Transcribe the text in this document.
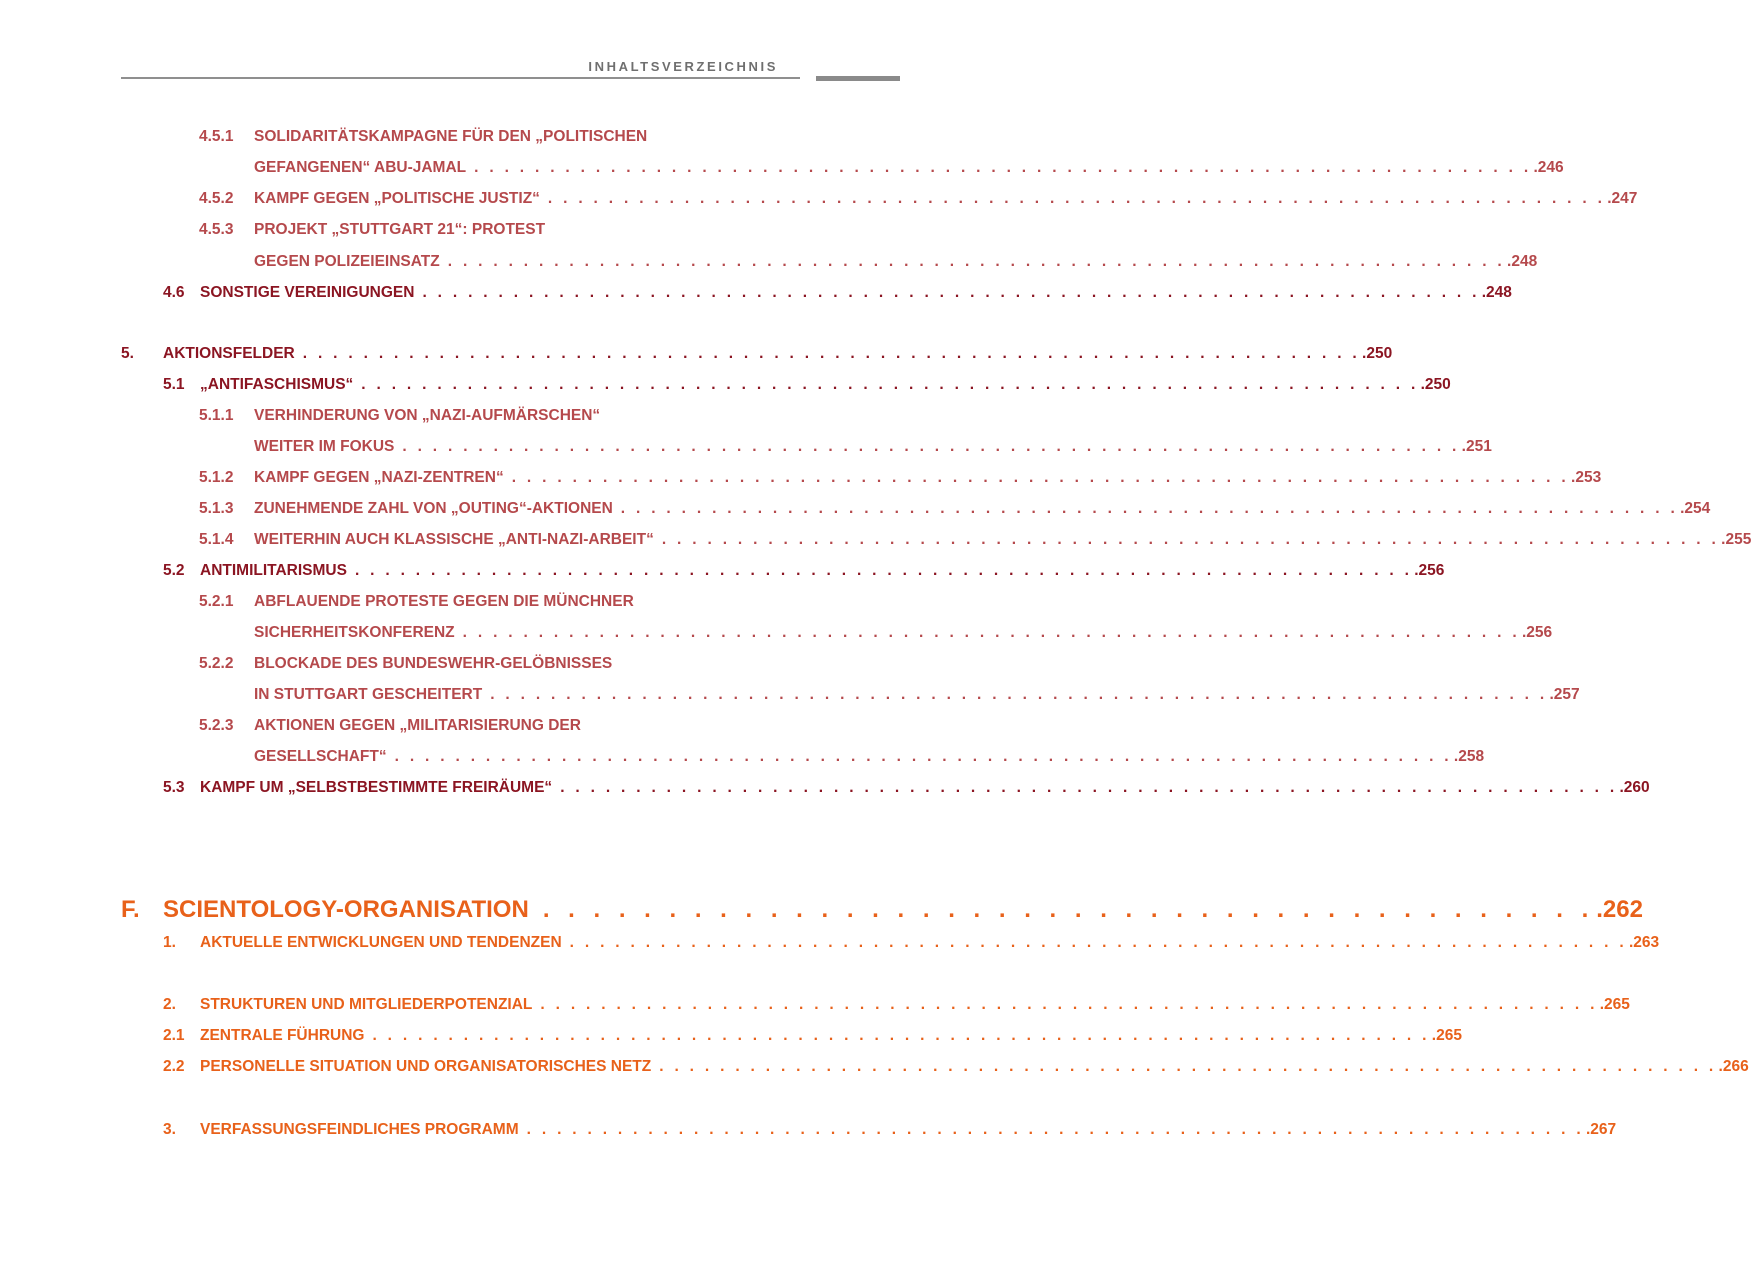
INHALTSVERZEICHNIS
4.5.1 SOLIDARITÄTSKAMPAGNE FÜR DEN „POLITISCHEN
GEFANGENEN“ ABU-JAMAL . . . . . . . . . . . . . . . . . . . . . . . . . . . . . . . . . . . . . . . . . . . . . . . . . . . . . . . . . . . . . . . . . . . . . . .246
4.5.2 KAMPF GEGEN „POLITISCHE JUSTIZ“ . . . . . . . . . . . . . . . . . . . . . . . . . . . . . . . . . . . . . . . . . . . . . . . . . . . . . . . . . . . . . . . . . . . . . . .247
4.5.3 PROJEKT „STUTTGART 21“: PROTEST
GEGEN POLIZEIEINSATZ . . . . . . . . . . . . . . . . . . . . . . . . . . . . . . . . . . . . . . . . . . . . . . . . . . . . . . . . . . . . . . . . . . . . . . .248
4.6 SONSTIGE VEREINIGUNGEN . . . . . . . . . . . . . . . . . . . . . . . . . . . . . . . . . . . . . . . . . . . . . . . . . . . . . . . . . . . . . . . . . . . . . . .248
5. AKTIONSFELDER . . . . . . . . . . . . . . . . . . . . . . . . . . . . . . . . . . . . . . . . . . . . . . . . . . . . . . . . . . . . . . . . . . . . . . .250
5.1 „ANTIFASCHISMUS“ . . . . . . . . . . . . . . . . . . . . . . . . . . . . . . . . . . . . . . . . . . . . . . . . . . . . . . . . . . . . . . . . . . . . . . .250
5.1.1 VERHINDERUNG VON „NAZI-AUFMÄRSCHEN“
WEITER IM FOKUS . . . . . . . . . . . . . . . . . . . . . . . . . . . . . . . . . . . . . . . . . . . . . . . . . . . . . . . . . . . . . . . . . . . . . . .251
5.1.2 KAMPF GEGEN „NAZI-ZENTREN“ . . . . . . . . . . . . . . . . . . . . . . . . . . . . . . . . . . . . . . . . . . . . . . . . . . . . . . . . . . . . . . . . . . . . . . .253
5.1.3 ZUNEHMENDE ZAHL VON „OUTING“-AKTIONEN . . . . . . . . . . . . . . . . . . . . . . . . . . . . . . . . . . . . . . . . . . . . . . . . . . . . . . . . . . . . . . . . . . . . . . .254
5.1.4 WEITERHIN AUCH KLASSISCHE „ANTI-NAZI-ARBEIT“ . . . . . . . . . . . . . . . . . . . . . . . . . . . . . . . . . . . . . . . . . . . . . . . . . . . . . . . . . . . . . . . . . . . . . . .255
5.2 ANTIMILITARISMUS . . . . . . . . . . . . . . . . . . . . . . . . . . . . . . . . . . . . . . . . . . . . . . . . . . . . . . . . . . . . . . . . . . . . . . .256
5.2.1 ABFLAUENDE PROTESTE GEGEN DIE MÜNCHNER
SICHERHEITSKONFERENZ . . . . . . . . . . . . . . . . . . . . . . . . . . . . . . . . . . . . . . . . . . . . . . . . . . . . . . . . . . . . . . . . . . . . . . .256
5.2.2 BLOCKADE DES BUNDESWEHR-GELÖBNISSES
IN STUTTGART GESCHEITERT . . . . . . . . . . . . . . . . . . . . . . . . . . . . . . . . . . . . . . . . . . . . . . . . . . . . . . . . . . . . . . . . . . . . . . .257
5.2.3 AKTIONEN GEGEN „MILITARISIERUNG DER
GESELLSCHAFT“ . . . . . . . . . . . . . . . . . . . . . . . . . . . . . . . . . . . . . . . . . . . . . . . . . . . . . . . . . . . . . . . . . . . . . . .258
5.3 KAMPF UM „SELBSTBESTIMMTE FREIRÄUME“ . . . . . . . . . . . . . . . . . . . . . . . . . . . . . . . . . . . . . . . . . . . . . . . . . . . . . . . . . . . . . . . . . . . . . . .260
F. SCIENTOLOGY-ORGANISATION . . . . . . . . . . . . . . . . . . . . . . . . . . . . . . . . . . . . . . . . . . .262
1. AKTUELLE ENTWICKLUNGEN UND TENDENZEN . . . . . . . . . . . . . . . . . . . . . . . . . . . . . . . . . . . . . . . . . . . . . . . . . . . . . . . . . . . . . . . . . . . . . . .263
2. STRUKTUREN UND MITGLIEDERPOTENZIAL . . . . . . . . . . . . . . . . . . . . . . . . . . . . . . . . . . . . . . . . . . . . . . . . . . . . . . . . . . . . . . . . . . . . . . .265
2.1 ZENTRALE FÜHRUNG . . . . . . . . . . . . . . . . . . . . . . . . . . . . . . . . . . . . . . . . . . . . . . . . . . . . . . . . . . . . . . . . . . . . . . .265
2.2 PERSONELLE SITUATION UND ORGANISATORISCHES NETZ . . . . . . . . . . . . . . . . . . . . . . . . . . . . . . . . . . . . . . . . . . . . . . . . . . . . . . . . . . . . . . . . . . . . . . .266
3. VERFASSUNGSFEINDLICHES PROGRAMM . . . . . . . . . . . . . . . . . . . . . . . . . . . . . . . . . . . . . . . . . . . . . . . . . . . . . . . . . . . . . . . . . . . . . . .267
